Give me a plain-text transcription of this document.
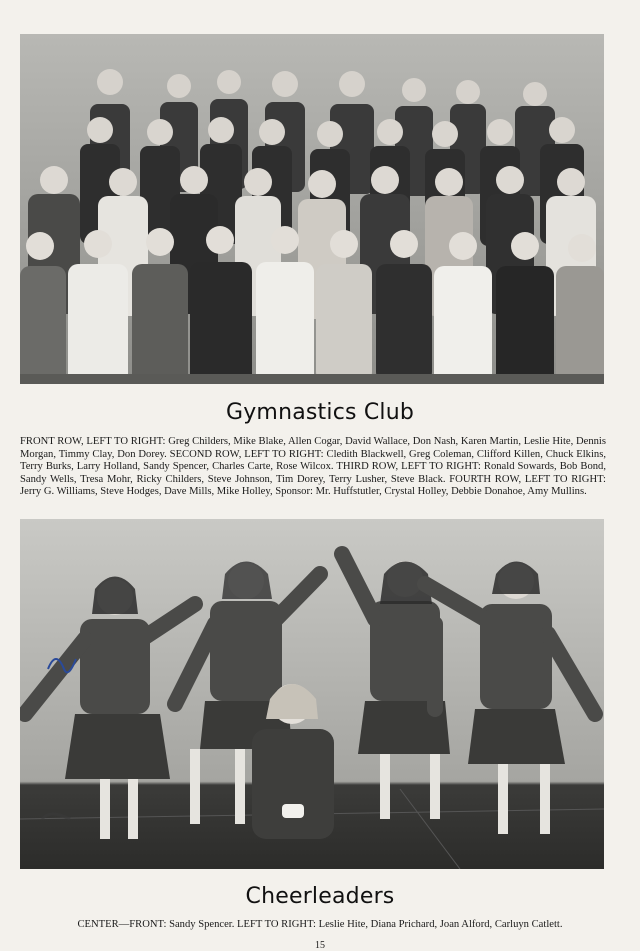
Gymnastics Club
FRONT ROW, LEFT TO RIGHT: Greg Childers, Mike Blake, Allen Cogar, David Wallace, Don Nash, Karen Martin, Leslie Hite, Dennis Morgan, Timmy Clay, Don Dorey. SECOND ROW, LEFT TO RIGHT: Cledith Blackwell, Greg Coleman, Clifford Killen, Chuck Elkins, Terry Burks, Larry Holland, Sandy Spencer, Charles Carte, Rose Wilcox. THIRD ROW, LEFT TO RIGHT: Ronald Sowards, Bob Bond, Sandy Wells, Tresa Mohr, Ricky Childers, Steve Johnson, Tim Dorey, Terry Lusher, Steve Black. FOURTH ROW, LEFT TO RIGHT: Jerry G. Williams, Steve Hodges, Dave Mills, Mike Holley, Sponsor: Mr. Huffstutler, Crystal Holley, Debbie Donahoe, Amy Mullins.
Cheerleaders
CENTER—FRONT: Sandy Spencer. LEFT TO RIGHT: Leslie Hite, Diana Prichard, Joan Alford, Carluyn Catlett.
15
